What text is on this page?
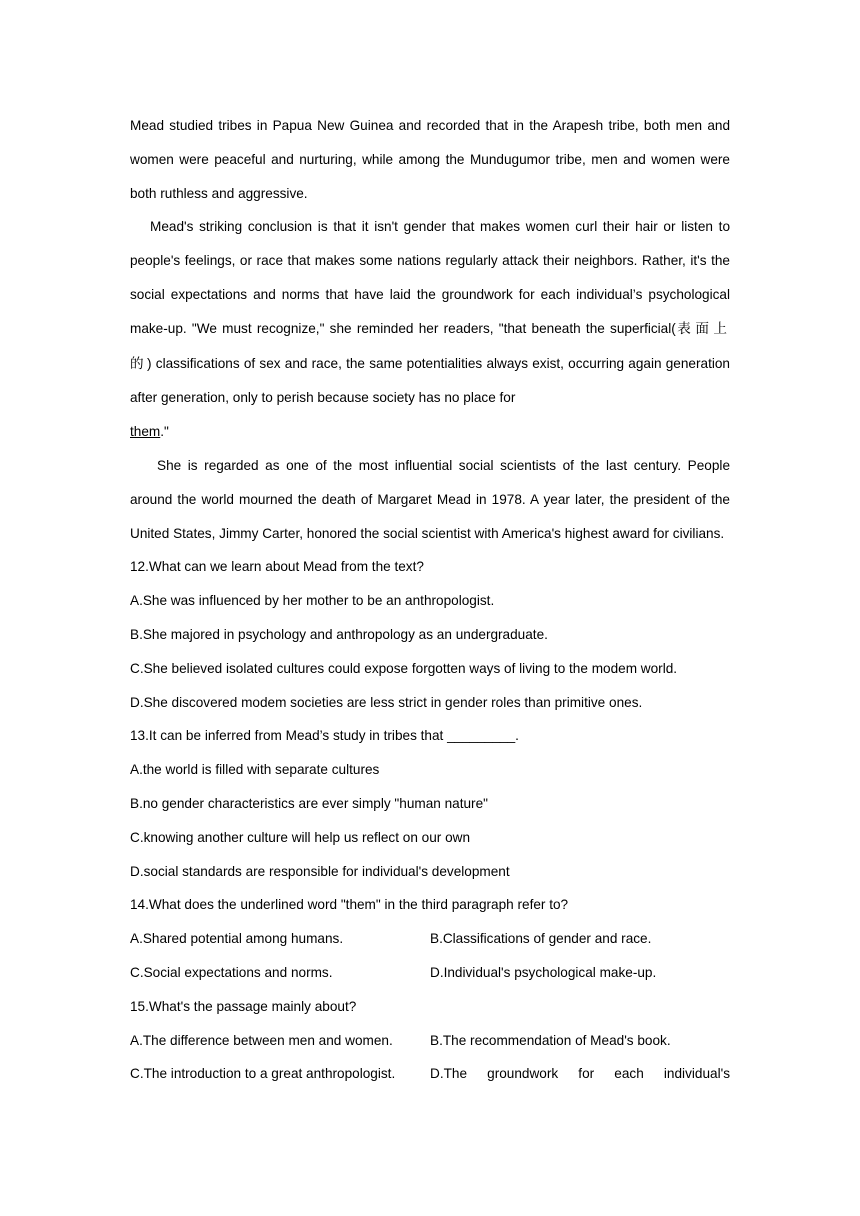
Mead studied tribes in Papua New Guinea and recorded that in the Arapesh tribe, both men and women were peaceful and nurturing, while among the Mundugumor tribe, men and women were both ruthless and aggressive.

Mead's striking conclusion is that it isn't gender that makes women curl their hair or listen to people's feelings, or race that makes some nations regularly attack their neighbors. Rather, it's the social expectations and norms that have laid the groundwork for each individual’s psychological make-up. "We must recognize," she reminded her readers, "that beneath the superficial(表面上的) classifications of sex and race, the same potentialities always exist, occurring again generation after generation, only to perish because society has no place for
them."

She is regarded as one of the most influential social scientists of the last century. People around the world mourned the death of Margaret Mead in 1978. A year later, the president of the United States, Jimmy Carter, honored the social scientist with America's highest award for civilians.

12.What can we learn about Mead from the text?
A.She was influenced by her mother to be an anthropologist.
B.She majored in psychology and anthropology as an undergraduate.
C.She believed isolated cultures could expose forgotten ways of living to the modem world.
D.She discovered modem societies are less strict in gender roles than primitive ones.
13.It can be inferred from Mead’s study in tribes that _________.
A.the world is filled with separate cultures
B.no gender characteristics are ever simply "human nature"
C.knowing another culture will help us reflect on our own
D.social standards are responsible for individual's development
14.What does the underlined word "them" in the third paragraph refer to?
A.Shared potential among humans.	B.Classifications of gender and race.
C.Social expectations and norms.	D.Individual's psychological make-up.
15.What's the passage mainly about?
A.The difference between men and women.	B.The recommendation of Mead's book.
C.The introduction to a great anthropologist.	D.The groundwork for each individual's
